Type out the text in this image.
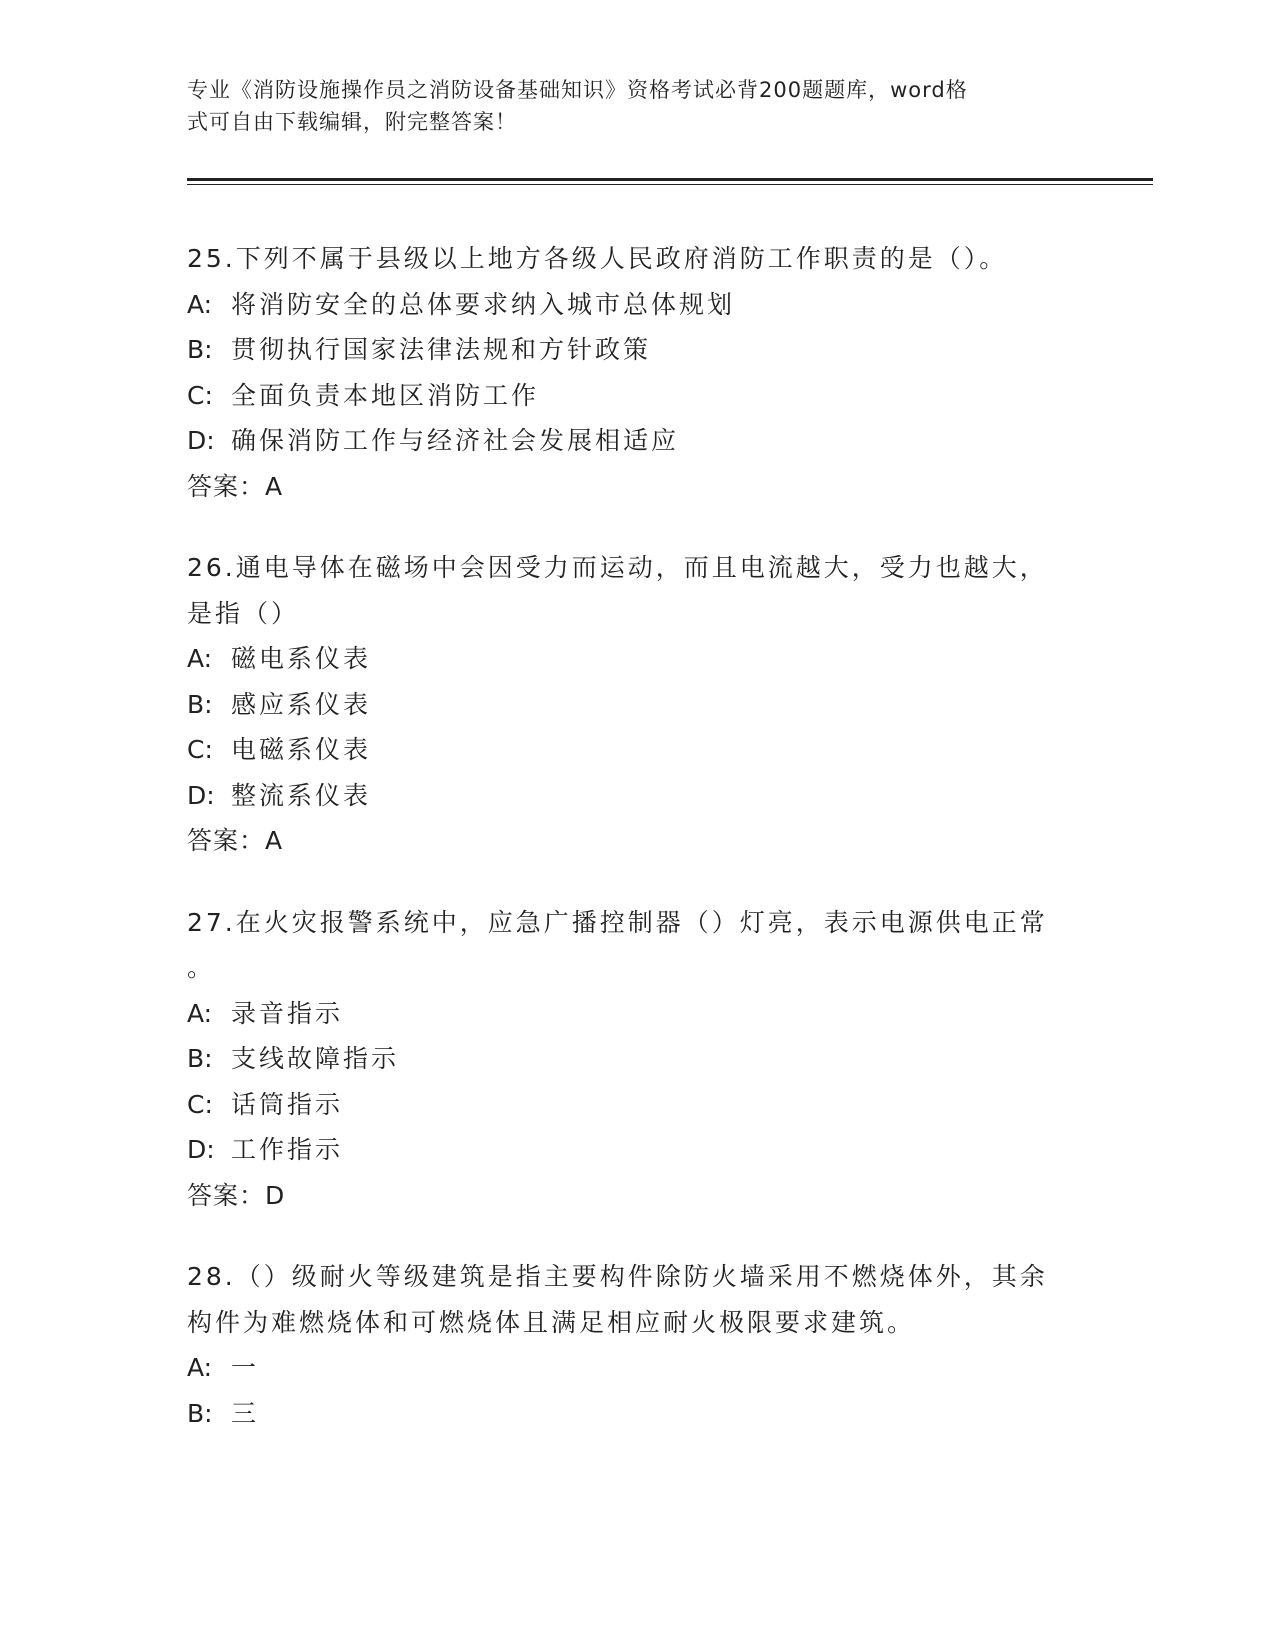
专业《消防设施操作员之消防设备基础知识》资格考试必背200题题库，word格
式可自由下载编辑，附完整答案！
25.下列不属于县级以上地方各级人民政府消防工作职责的是（）。
A: 将消防安全的总体要求纳入城市总体规划
B: 贯彻执行国家法律法规和方针政策
C: 全面负责本地区消防工作
D: 确保消防工作与经济社会发展相适应
答案：A
26.通电导体在磁场中会因受力而运动，而且电流越大，受力也越大，
是指（）
A: 磁电系仪表
B: 感应系仪表
C: 电磁系仪表
D: 整流系仪表
答案：A
27.在火灾报警系统中，应急广播控制器（）灯亮，表示电源供电正常
。
A: 录音指示
B: 支线故障指示
C: 话筒指示
D: 工作指示
答案：D
28.（）级耐火等级建筑是指主要构件除防火墙采用不燃烧体外，其余
构件为难燃烧体和可燃烧体且满足相应耐火极限要求建筑。
A: 一
B: 三
